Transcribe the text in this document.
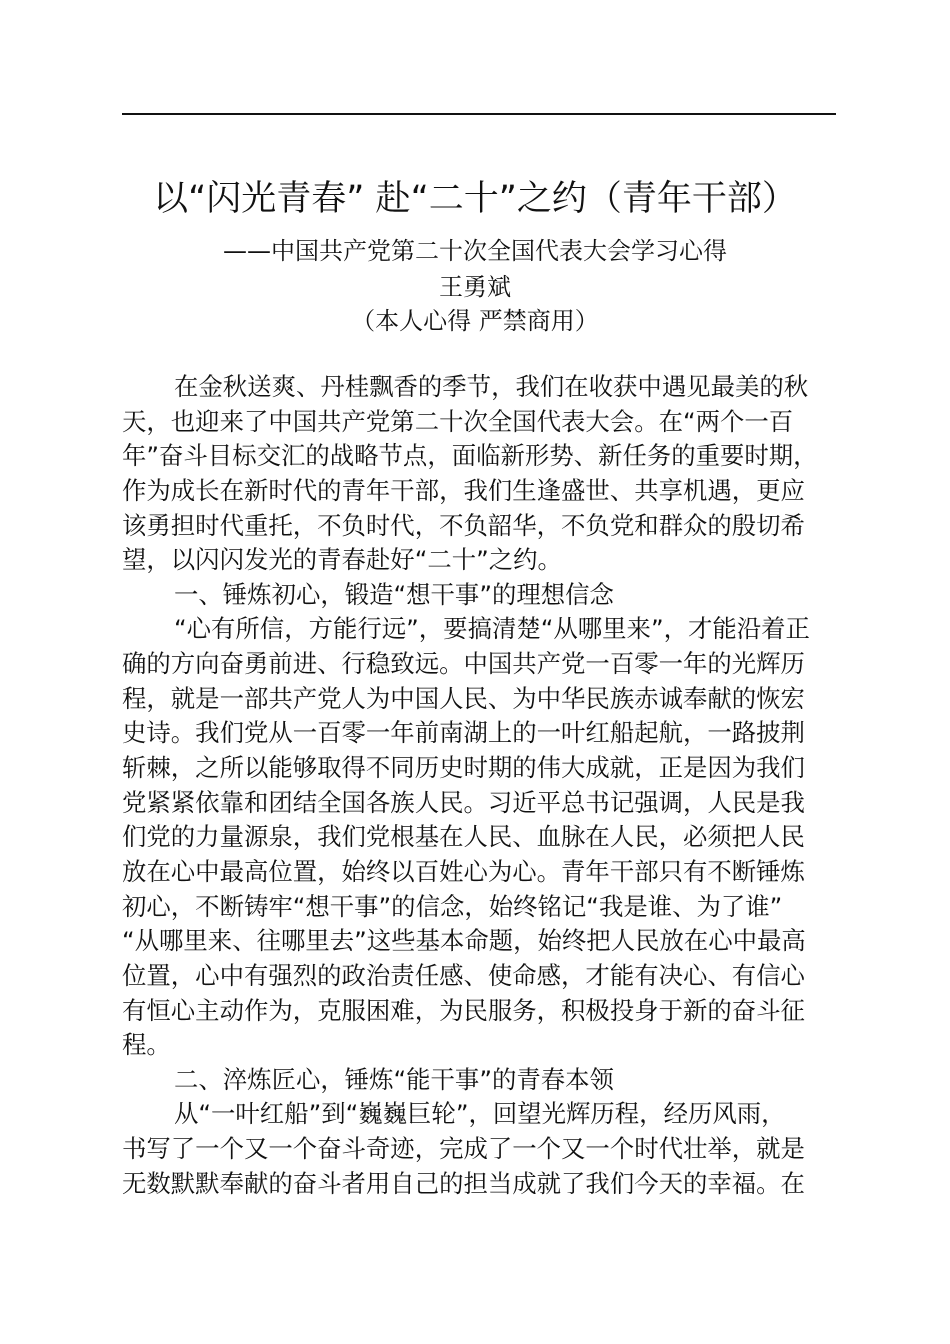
以“闪光青春” 赴“二十”之约（青年干部）
——中国共产党第二十次全国代表大会学习心得
王勇斌
（本人心得 严禁商用）
在金秋送爽、丹桂飘香的季节，我们在收获中遇见最美的秋
天，也迎来了中国共产党第二十次全国代表大会。在“两个一百
年”奋斗目标交汇的战略节点，面临新形势、新任务的重要时期，
作为成长在新时代的青年干部，我们生逢盛世、共享机遇，更应
该勇担时代重托，不负时代，不负韶华，不负党和群众的殷切希
望，以闪闪发光的青春赴好“二十”之约。
一、锤炼初心，锻造“想干事”的理想信念
“心有所信，方能行远”，要搞清楚“从哪里来”，才能沿着正
确的方向奋勇前进、行稳致远。中国共产党一百零一年的光辉历
程，就是一部共产党人为中国人民、为中华民族赤诚奉献的恢宏
史诗。我们党从一百零一年前南湖上的一叶红船起航，一路披荆
斩棘，之所以能够取得不同历史时期的伟大成就，正是因为我们
党紧紧依靠和团结全国各族人民。习近平总书记强调，人民是我
们党的力量源泉，我们党根基在人民、血脉在人民，必须把人民
放在心中最高位置，始终以百姓心为心。青年干部只有不断锤炼
初心，不断铸牢“想干事”的信念，始终铭记“我是谁、为了谁”
“从哪里来、往哪里去”这些基本命题，始终把人民放在心中最高
位置，心中有强烈的政治责任感、使命感，才能有决心、有信心
有恒心主动作为，克服困难，为民服务，积极投身于新的奋斗征
程。
二、淬炼匠心，锤炼“能干事”的青春本领
从“一叶红船”到“巍巍巨轮”，回望光辉历程，经历风雨，
书写了一个又一个奋斗奇迹，完成了一个又一个时代壮举，就是
无数默默奉献的奋斗者用自己的担当成就了我们今天的幸福。在
